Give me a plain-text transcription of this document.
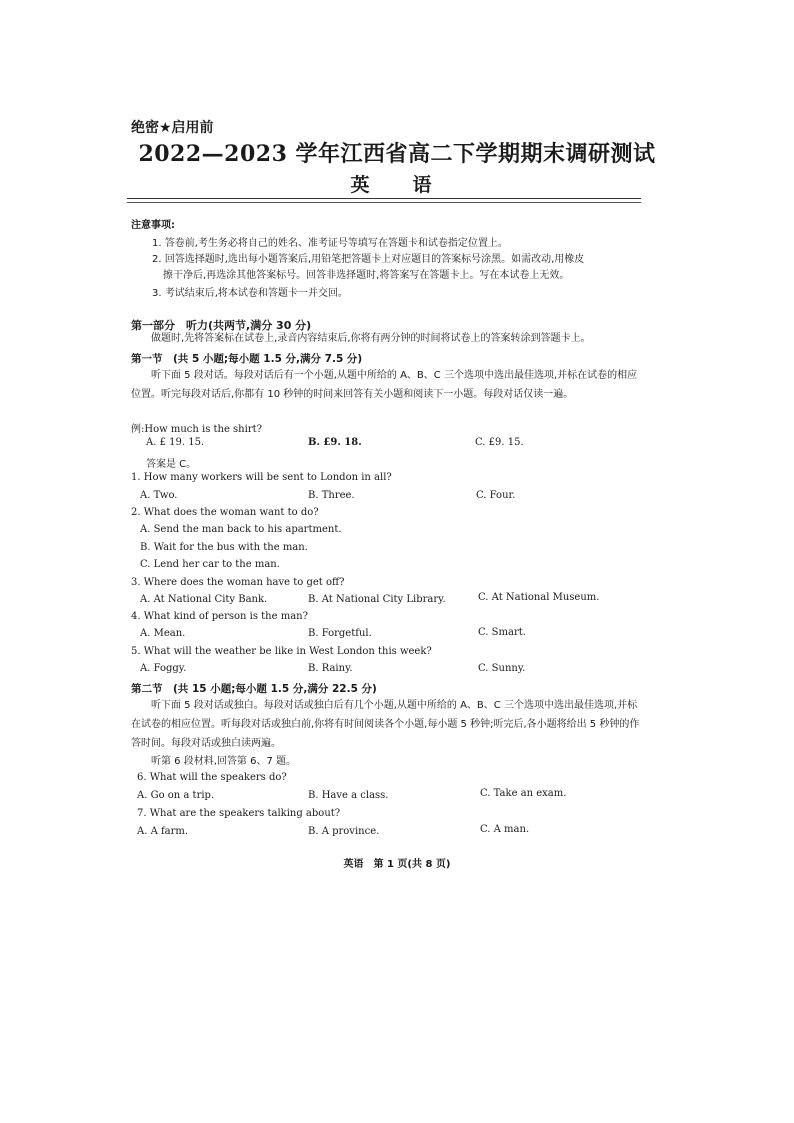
绝密★启用前
2022—2023 学年江西省高二下学期期末调研测试
英　语
注意事项:
1. 答卷前,考生务必将自己的姓名、准考证号等填写在答题卡和试卷指定位置上。
2. 回答选择题时,选出每小题答案后,用铅笔把答题卡上对应题目的答案标号涂黑。如需改动,用橡皮
擦干净后,再选涂其他答案标号。回答非选择题时,将答案写在答题卡上。写在本试卷上无效。
3. 考试结束后,将本试卷和答题卡一并交回。
第一部分　听力(共两节,满分 30 分)
做题时,先将答案标在试卷上,录音内容结束后,你将有两分钟的时间将试卷上的答案转涂到答题卡上。
第一节　(共 5 小题;每小题 1.5 分,满分 7.5 分)
听下面 5 段对话。每段对话后有一个小题,从题中所给的 A、B、C 三个选项中选出最佳选项,并标在试卷的相应位置。听完每段对话后,你都有 10 秒钟的时间来回答有关小题和阅读下一小题。每段对话仅读一遍。
例:How much is the shirt?
A. £ 19. 15.	B. £9. 18.	C. £9. 15.
答案是 C。
1. How many workers will be sent to London in all?
A. Two.	B. Three.	C. Four.
2. What does the woman want to do?
A. Send the man back to his apartment.
B. Wait for the bus with the man.
C. Lend her car to the man.
3. Where does the woman have to get off?
A. At National City Bank.	B. At National City Library.	C. At National Museum.
4. What kind of person is the man?
A. Mean.	B. Forgetful.	C. Smart.
5. What will the weather be like in West London this week?
A. Foggy.	B. Rainy.	C. Sunny.
第二节　(共 15 小题;每小题 1.5 分,满分 22.5 分)
听下面 5 段对话或独白。每段对话或独白后有几个小题,从题中所给的 A、B、C 三个选项中选出最佳选项,并标在试卷的相应位置。听每段对话或独白前,你将有时间阅读各个小题,每小题 5 秒钟;听完后,各小题将给出 5 秒钟的作答时间。每段对话或独白读两遍。
听第 6 段材料,回答第 6、7 题。
6. What will the speakers do?
A. Go on a trip.	B. Have a class.	C. Take an exam.
7. What are the speakers talking about?
A. A farm.	B. A province.	C. A man.
英语　第 1 页(共 8 页)
